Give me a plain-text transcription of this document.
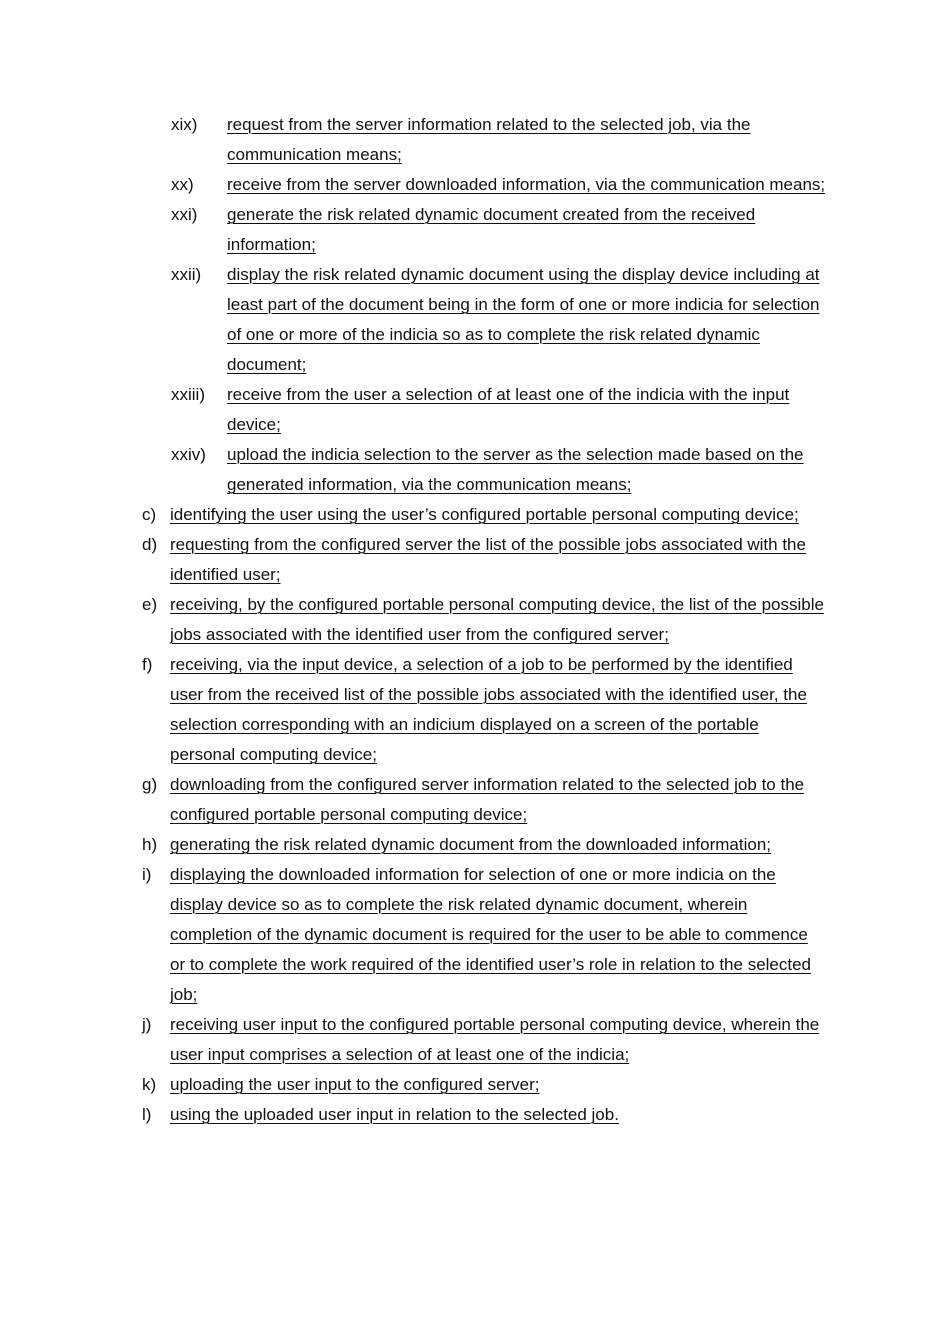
xix)	request from the server information related to the selected job, via the communication means;
xx)	receive from the server downloaded information, via the communication means;
xxi)	generate the risk related dynamic document created from the received information;
xxii)	display the risk related dynamic document using the display device including at least part of the document being in the form of one or more indicia for selection of one or more of the indicia so as to complete the risk related dynamic document;
xxiii)	receive from the user a selection of at least one of the indicia with the input device;
xxiv)	upload the indicia selection to the server as the selection made based on the generated information, via the communication means;
c) identifying the user using the user’s configured portable personal computing device;
d) requesting from the configured server the list of the possible jobs associated with the identified user;
e) receiving, by the configured portable personal computing device, the list of the possible jobs associated with the identified user from the configured server;
f)	receiving, via the input device, a selection of a job to be performed by the identified user from the received list of the possible jobs associated with the identified user, the selection corresponding with an indicium displayed on a screen of the portable personal computing device;
g) downloading from the configured server information related to the selected job to the configured portable personal computing device;
h) generating the risk related dynamic document from the downloaded information;
i)	displaying the downloaded information for selection of one or more indicia on the display device so as to complete the risk related dynamic document, wherein completion of the dynamic document is required for the user to be able to commence or to complete the work required of the identified user’s role in relation to the selected job;
j)	receiving user input to the configured portable personal computing device, wherein the user input comprises a selection of at least one of the indicia;
k) uploading the user input to the configured server;
l)	using the uploaded user input in relation to the selected job.
